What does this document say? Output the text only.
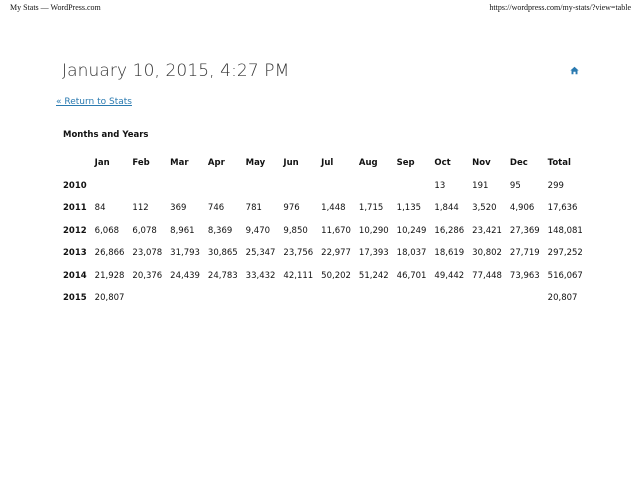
My Stats — WordPress.com	https://wordpress.com/my-stats/?view=table
January 10, 2015, 4:27 PM
« Return to Stats
Months and Years
	Jan	Feb	Mar	Apr	May	Jun	Jul	Aug	Sep	Oct	Nov	Dec	Total
2010										13	191	95	299
2011	84	112	369	746	781	976	1,448	1,715	1,135	1,844	3,520	4,906	17,636
2012	6,068	6,078	8,961	8,369	9,470	9,850	11,670	10,290	10,249	16,286	23,421	27,369	148,081
2013	26,866	23,078	31,793	30,865	25,347	23,756	22,977	17,393	18,037	18,619	30,802	27,719	297,252
2014	21,928	20,376	24,439	24,783	33,432	42,111	50,202	51,242	46,701	49,442	77,448	73,963	516,067
2015	20,807												20,807
